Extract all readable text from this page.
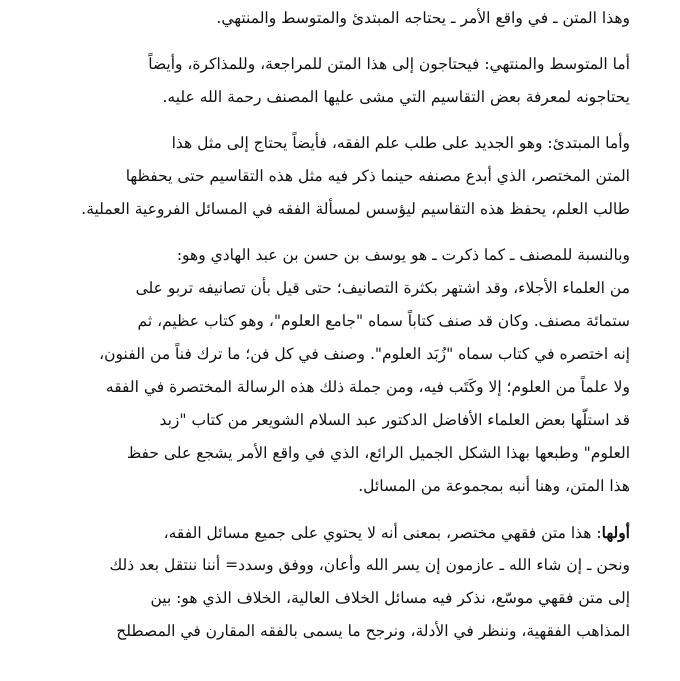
وهذا المتن ـ في واقع الأمر ـ يحتاجه المبتدئ والمتوسط والمنتهي.
أما المتوسط والمنتهي: فيحتاجون إلى هذا المتن للمراجعة، وللمذاكرة، وأيضاً
يحتاجونه لمعرفة بعض التقاسيم التي مشى عليها المصنف رحمة الله عليه.
وأما المبتدئ: وهو الجديد على طلب علم الفقه، فأيضاً يحتاج إلى مثل هذا
المتن المختصر، الذي أبدع مصنفه حينما ذكر فيه مثل هذه التقاسيم حتى يحفظها
طالب العلم، يحفظ هذه التقاسيم ليؤسس لمسألة الفقه في المسائل الفروعية العملية.
وبالنسبة للمصنف ـ كما ذكرت ـ هو يوسف بن حسن بن عبد الهادي وهو:
من العلماء الأجلاء، وقد اشتهر بكثرة التصانيف؛ حتى قيل بأن تصانيفه تربو على
ستمائة مصنف. وكان قد صنف كتاباً سماه "جامع العلوم"، وهو كتاب عظيم، ثم
إنه اختصره في كتاب سماه "زُبَد العلوم". وصنف في كل فن؛ ما ترك فناً من الفنون،
ولا علماً من العلوم؛ إلا وكَتَب فيه، ومن جملة ذلك هذه الرسالة المختصرة في الفقه
قد استلّها بعض العلماء الأفاضل الدكتور عبد السلام الشويعر من كتاب "زبد
العلوم" وطبعها بهذا الشكل الجميل الرائع، الذي في واقع الأمر يشجع على حفظ
هذا المتن، وهنا أنبه بمجموعة من المسائل.
أولها: هذا متن فقهي مختصر، بمعنى أنه لا يحتوي على جميع مسائل الفقه،
ونحن ـ إن شاء الله ـ عازمون إن يسر الله وأعان، ووفق وسدد= أننا ننتقل بعد ذلك
إلى متن فقهي موسّع، نذكر فيه مسائل الخلاف العالية، الخلاف الذي هو: بين
المذاهب الفقهية، وننظر في الأدلة، ونرجح ما يسمى بالفقه المقارن في المصطلح
